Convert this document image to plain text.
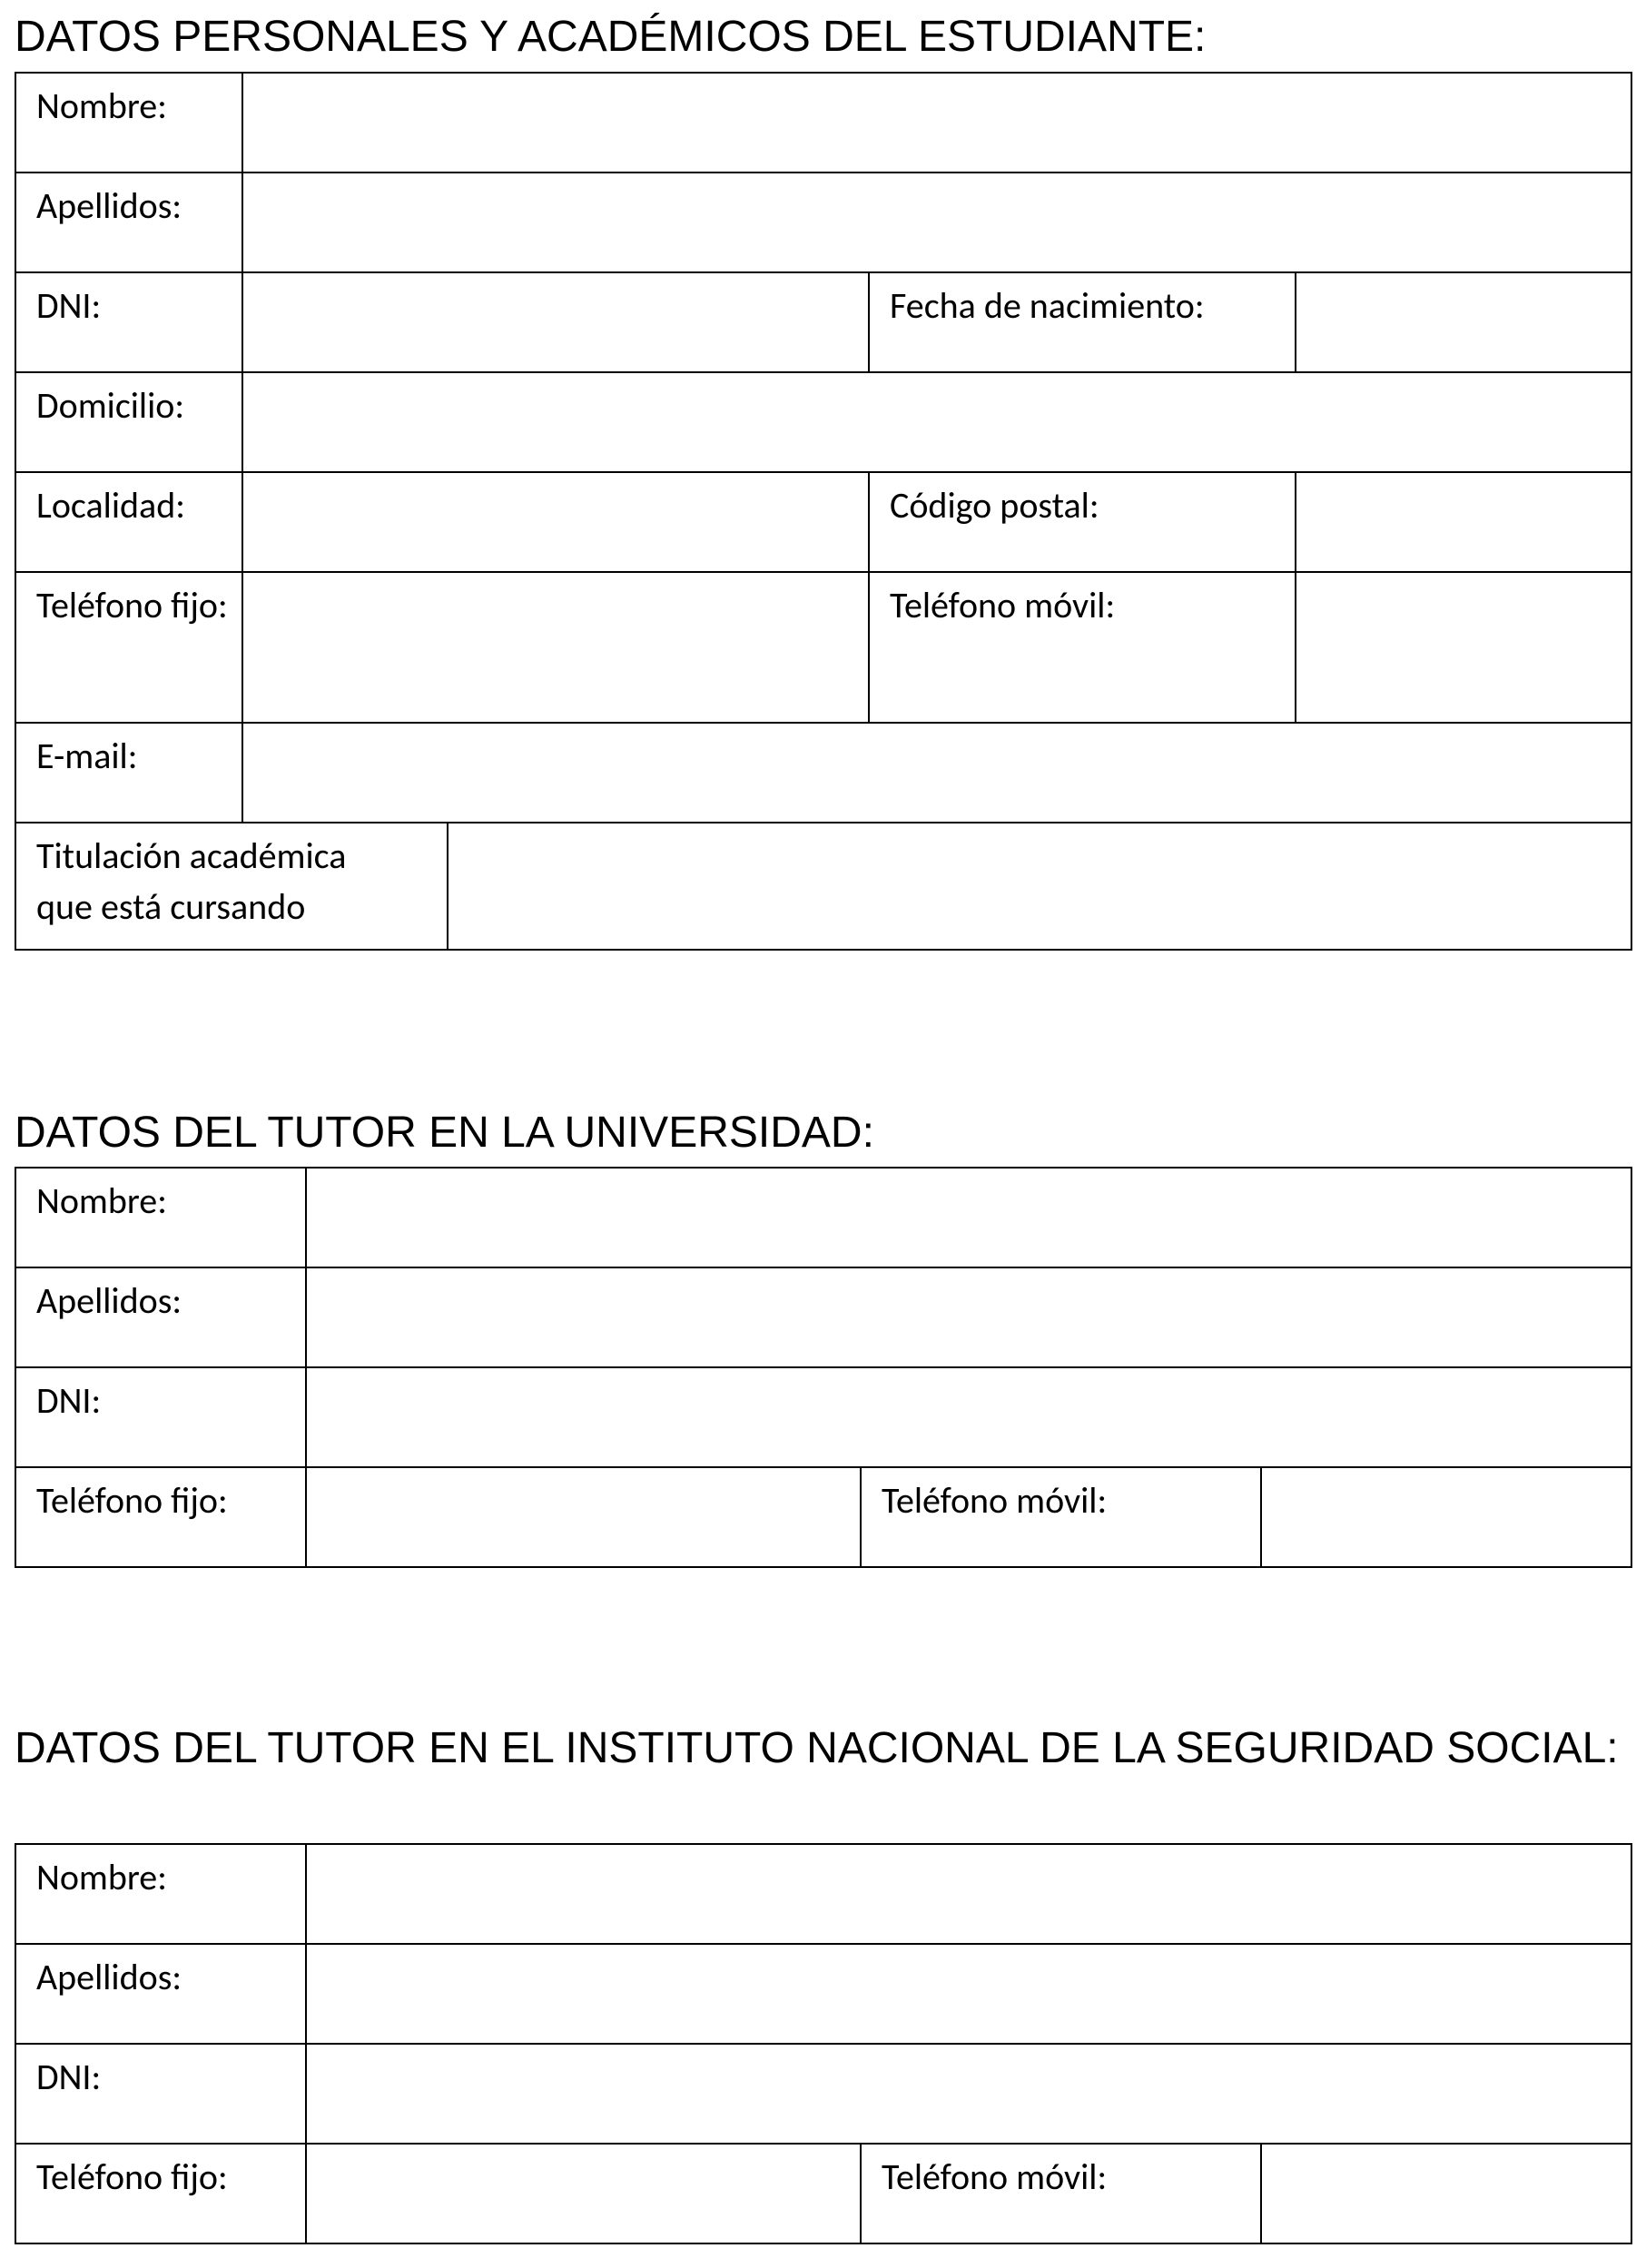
DATOS PERSONALES Y ACADÉMICOS DEL ESTUDIANTE:
Nombre:				

Apellidos:				

DNI:			Fecha de nacimiento:	

Domicilio:				

Localidad:			Código postal:	

Teléfono fijo:			Teléfono móvil:	

E-mail:				

Titulación académica que está cursando				

DATOS DEL TUTOR EN LA UNIVERSIDAD:
Nombre:			

Apellidos:			

DNI:			

Teléfono fijo:		Teléfono móvil:	

DATOS DEL TUTOR EN EL INSTITUTO NACIONAL DE LA SEGURIDAD SOCIAL:
Nombre:			

Apellidos:			

DNI:			

Teléfono fijo:		Teléfono móvil:	
